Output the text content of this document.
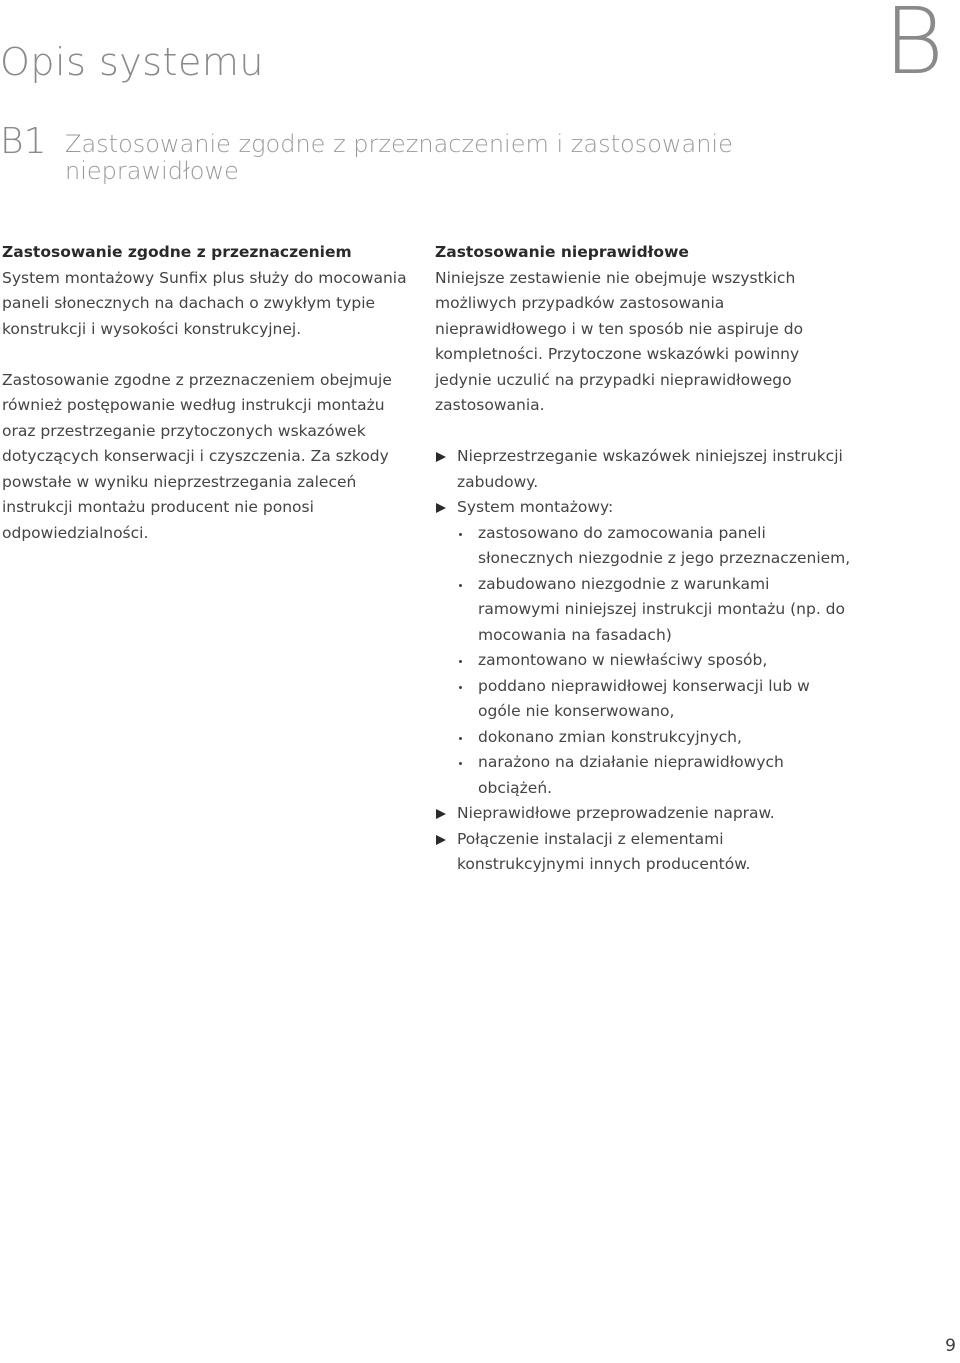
Opis systemu	B
B1 Zastosowanie zgodne z przeznaczeniem i zastosowanie nieprawidłowe

Zastosowanie zgodne z przeznaczeniem

System montażowy Sunfix plus służy do mocowania paneli słonecznych na dachach o zwykłym typie konstrukcji i wysokości konstrukcyjnej.

Zastosowanie zgodne z przeznaczeniem obejmuje również postępowanie według instrukcji montażu oraz przestrzeganie przytoczonych wskazówek dotyczących konserwacji i czyszczenia. Za szkody powstałe w wyniku nieprzestrzegania zaleceń instrukcji montażu producent nie ponosi odpowiedzialności.

Zastosowanie nieprawidłowe

Niniejsze zestawienie nie obejmuje wszystkich możliwych przypadków zastosowania nieprawidłowego i w ten sposób nie aspiruje do kompletności. Przytoczone wskazówki powinny jedynie uczulić na przypadki nieprawidłowego zastosowania.

Nieprzestrzeganie wskazówek niniejszej instrukcji zabudowy.
System montażowy:
zastosowano do zamocowania paneli słonecznych niezgodnie z jego przeznaczeniem,
zabudowano niezgodnie z warunkami ramowymi niniejszej instrukcji montażu (np. do mocowania na fasadach)
zamontowano w niewłaściwy sposób,
poddano nieprawidłowej konserwacji lub w ogóle nie konserwowano,
dokonano zmian konstrukcyjnych,
narażono na działanie nieprawidłowych obciążeń.
Nieprawidłowe przeprowadzenie napraw.
Połączenie instalacji z elementami konstrukcyjnymi innych producentów.
9
